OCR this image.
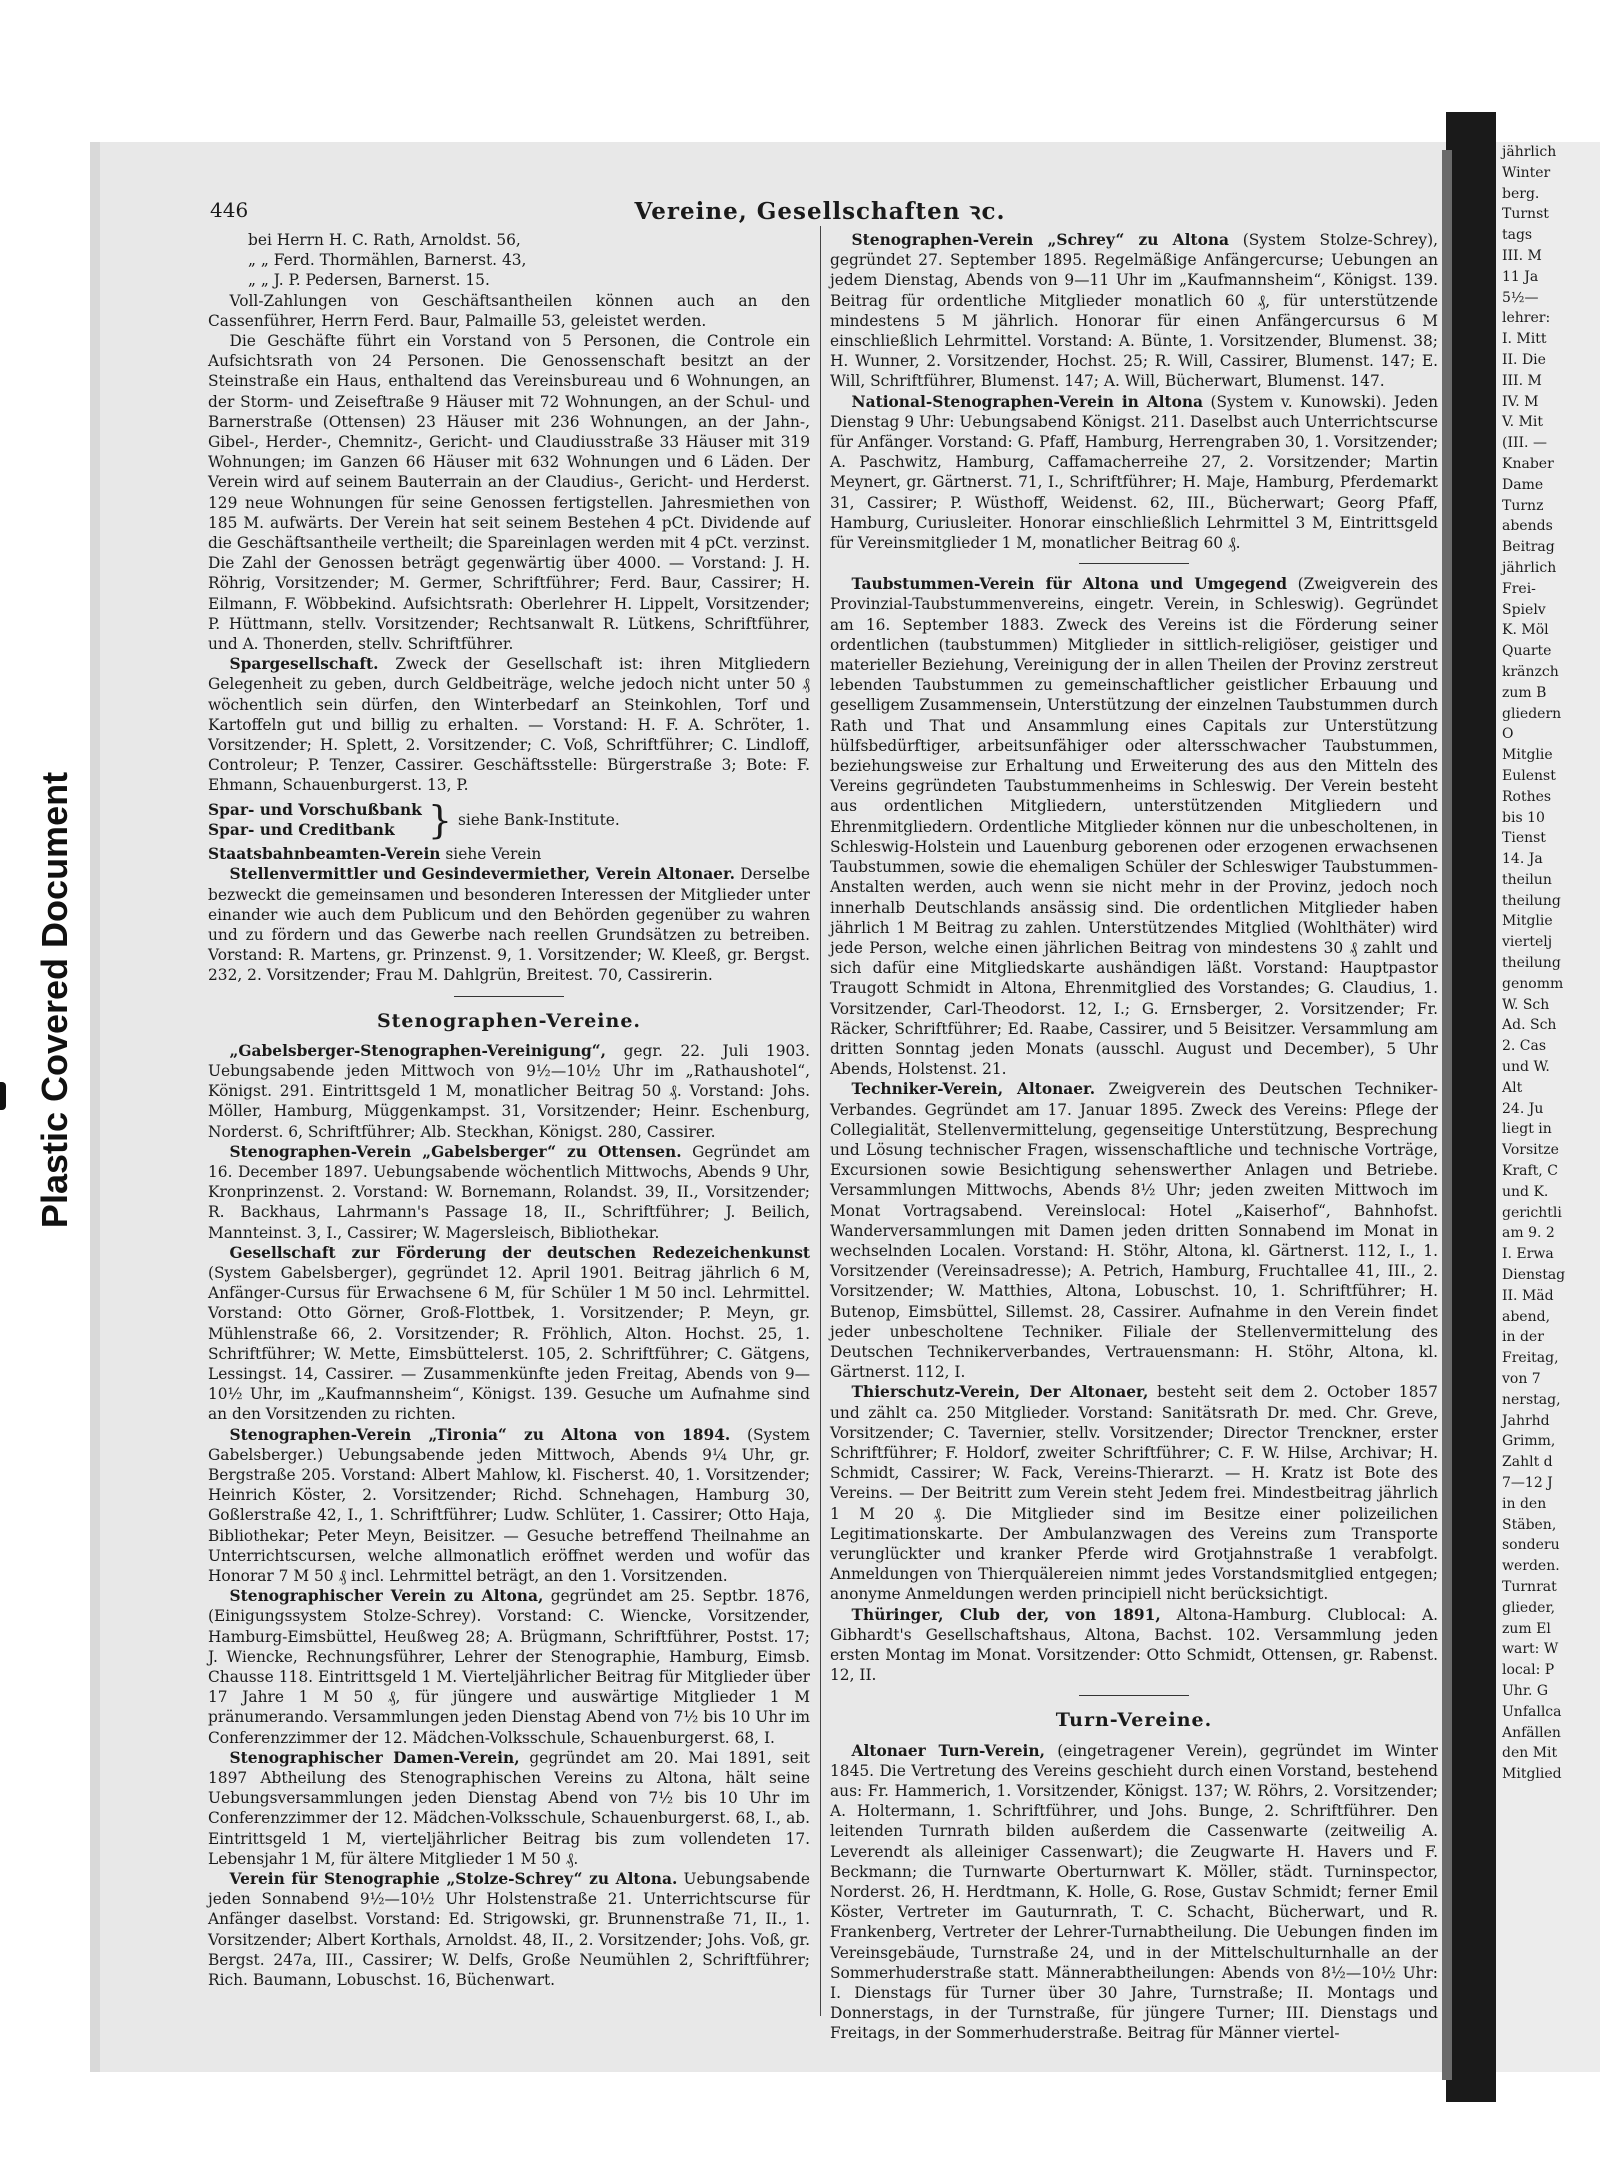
Plastic Covered Document
jährlich
Winter
berg.
Turnst
tags
III. M
11 Ja
5½—
lehrer:
I. Mitt
II. Die
III. M
IV. M
V. Mit
(III. —
Knaber
Dame
Turnz
abends
Beitrag
jährlich
Frei-
Spielv
K. Möl
Quarte
kränzch
zum B
gliedern
O
Mitglie
Eulenst
Rothes
bis 10
Tienst
14. Ja
theilun
theilung
Mitglie
viertelj
theilung
genomm
W. Sch
Ad. Sch
2. Cas
und W.
Alt
24. Ju
liegt in
Vorsitze
Kraft, C
und K.
gerichtli
am 9. 2
I. Erwa
Dienstag
II. Mäd
abend,
in der
Freitag,
von 7
nerstag,
Jahrhd
Grimm,
Zahlt d
7—12 J
in den
Stäben,
sonderu
werden.
Turnrat
glieder,
zum El
wart: W
local: P
Uhr. G
Unfallca
Anfällen
den Mit
Mitglied
446	Vereine, Gesellschaften ꝛc.

bei Herrn H. C. Rath, Arnoldst. 56,

„ „ Ferd. Thormählen, Barnerst. 43,

„ „ J. P. Pedersen, Barnerst. 15.

Voll-Zahlungen von Geschäftsantheilen können auch an den Cassenführer, Herrn Ferd. Baur, Palmaille 53, geleistet werden.

Die Geschäfte führt ein Vorstand von 5 Personen, die Controle ein Aufsichtsrath von 24 Personen. Die Genossenschaft besitzt an der Steinstraße ein Haus, enthaltend das Vereinsbureau und 6 Wohnungen, an der Storm- und Zeiseftraße 9 Häuser mit 72 Wohnungen, an der Schul- und Barnerstraße (Ottensen) 23 Häuser mit 236 Wohnungen, an der Jahn-, Gibel-, Herder-, Chemnitz-, Gericht- und Claudiusstraße 33 Häuser mit 319 Wohnungen; im Ganzen 66 Häuser mit 632 Wohnungen und 6 Läden. Der Verein wird auf seinem Bauterrain an der Claudius-, Gericht- und Herderst. 129 neue Wohnungen für seine Genossen fertigstellen. Jahresmiethen von 185 M. aufwärts. Der Verein hat seit seinem Bestehen 4 pCt. Dividende auf die Geschäftsantheile vertheilt; die Spareinlagen werden mit 4 pCt. verzinst. Die Zahl der Genossen beträgt gegenwärtig über 4000. — Vorstand: J. H. Röhrig, Vorsitzender; M. Germer, Schriftführer; Ferd. Baur, Cassirer; H. Eilmann, F. Wöbbekind. Aufsichtsrath: Oberlehrer H. Lippelt, Vorsitzender; P. Hüttmann, stellv. Vorsitzender; Rechtsanwalt R. Lütkens, Schriftführer, und A. Thonerden, stellv. Schriftführer.

Spargesellschaft. Zweck der Gesellschaft ist: ihren Mitgliedern Gelegenheit zu geben, durch Geldbeiträge, welche jedoch nicht unter 50 ₰ wöchentlich sein dürfen, den Winterbedarf an Steinkohlen, Torf und Kartoffeln gut und billig zu erhalten. — Vorstand: H. F. A. Schröter, 1. Vorsitzender; H. Splett, 2. Vorsitzender; C. Voß, Schriftführer; C. Lindloff, Controleur; P. Tenzer, Cassirer. Geschäftsstelle: Bürgerstraße 3; Bote: F. Ehmann, Schauenburgerst. 13, P.

Spar- und Vorschußbank
Spar- und Creditbank } siehe Bank-Institute.

Staatsbahnbeamten-Verein siehe Verein

Stellenvermittler und Gesindevermiether, Verein Altonaer. Derselbe bezweckt die gemeinsamen und besonderen Interessen der Mitglieder unter einander wie auch dem Publicum und den Behörden gegenüber zu wahren und zu fördern und das Gewerbe nach reellen Grundsätzen zu betreiben. Vorstand: R. Martens, gr. Prinzenst. 9, 1. Vorsitzender; W. Kleeß, gr. Bergst. 232, 2. Vorsitzender; Frau M. Dahlgrün, Breitest. 70, Cassirerin.

Stenographen-Vereine.

„Gabelsberger-Stenographen-Vereinigung“, gegr. 22. Juli 1903. Uebungsabende jeden Mittwoch von 9½—10½ Uhr im „Rathaushotel“, Königst. 291. Eintrittsgeld 1 M, monatlicher Beitrag 50 ₰. Vorstand: Johs. Möller, Hamburg, Müggenkampst. 31, Vorsitzender; Heinr. Eschenburg, Norderst. 6, Schriftführer; Alb. Steckhan, Königst. 280, Cassirer.

Stenographen-Verein „Gabelsberger“ zu Ottensen. Gegründet am 16. December 1897. Uebungsabende wöchentlich Mittwochs, Abends 9 Uhr, Kronprinzenst. 2. Vorstand: W. Bornemann, Rolandst. 39, II., Vorsitzender; R. Backhaus, Lahrmann's Passage 18, II., Schriftführer; J. Beilich, Mannteinst. 3, I., Cassirer; W. Magersleisch, Bibliothekar.

Gesellschaft zur Förderung der deutschen Redezeichenkunst (System Gabelsberger), gegründet 12. April 1901. Beitrag jährlich 6 M, Anfänger-Cursus für Erwachsene 6 M, für Schüler 1 M 50 incl. Lehrmittel. Vorstand: Otto Görner, Groß-Flottbek, 1. Vorsitzender; P. Meyn, gr. Mühlenstraße 66, 2. Vorsitzender; R. Fröhlich, Alton. Hochst. 25, 1. Schriftführer; W. Mette, Eimsbüttelerst. 105, 2. Schriftführer; C. Gätgens, Lessingst. 14, Cassirer. — Zusammenkünfte jeden Freitag, Abends von 9—10½ Uhr, im „Kaufmannsheim“, Königst. 139. Gesuche um Aufnahme sind an den Vorsitzenden zu richten.

Stenographen-Verein „Tironia“ zu Altona von 1894. (System Gabelsberger.) Uebungsabende jeden Mittwoch, Abends 9¼ Uhr, gr. Bergstraße 205. Vorstand: Albert Mahlow, kl. Fischerst. 40, 1. Vorsitzender; Heinrich Köster, 2. Vorsitzender; Richd. Schnehagen, Hamburg 30, Goßlerstraße 42, I., 1. Schriftführer; Ludw. Schlüter, 1. Cassirer; Otto Haja, Bibliothekar; Peter Meyn, Beisitzer. — Gesuche betreffend Theilnahme an Unterrichtscursen, welche allmonatlich eröffnet werden und wofür das Honorar 7 M 50 ₰ incl. Lehrmittel beträgt, an den 1. Vorsitzenden.

Stenographischer Verein zu Altona, gegründet am 25. Septbr. 1876, (Einigungssystem Stolze-Schrey). Vorstand: C. Wiencke, Vorsitzender, Hamburg-Eimsbüttel, Heußweg 28; A. Brügmann, Schriftführer, Postst. 17; J. Wiencke, Rechnungsführer, Lehrer der Stenographie, Hamburg, Eimsb. Chausse 118. Eintrittsgeld 1 M. Vierteljährlicher Beitrag für Mitglieder über 17 Jahre 1 M 50 ₰, für jüngere und auswärtige Mitglieder 1 M pränumerando. Versammlungen jeden Dienstag Abend von 7½ bis 10 Uhr im Conferenzzimmer der 12. Mädchen-Volksschule, Schauenburgerst. 68, I.

Stenographischer Damen-Verein, gegründet am 20. Mai 1891, seit 1897 Abtheilung des Stenographischen Vereins zu Altona, hält seine Uebungsversammlungen jeden Dienstag Abend von 7½ bis 10 Uhr im Conferenzzimmer der 12. Mädchen-Volksschule, Schauenburgerst. 68, I., ab. Eintrittsgeld 1 M, vierteljährlicher Beitrag bis zum vollendeten 17. Lebensjahr 1 M, für ältere Mitglieder 1 M 50 ₰.

Verein für Stenographie „Stolze-Schrey“ zu Altona. Uebungsabende jeden Sonnabend 9½—10½ Uhr Holstenstraße 21. Unterrichtscurse für Anfänger daselbst. Vorstand: Ed. Strigowski, gr. Brunnenstraße 71, II., 1. Vorsitzender; Albert Korthals, Arnoldst. 48, II., 2. Vorsitzender; Johs. Voß, gr. Bergst. 247a, III., Cassirer; W. Delfs, Große Neumühlen 2, Schriftführer; Rich. Baumann, Lobuschst. 16, Büchenwart.

Stenographen-Verein „Schrey“ zu Altona (System Stolze-Schrey), gegründet 27. September 1895. Regelmäßige Anfängercurse; Uebungen an jedem Dienstag, Abends von 9—11 Uhr im „Kaufmannsheim“, Königst. 139. Beitrag für ordentliche Mitglieder monatlich 60 ₰, für unterstützende mindestens 5 M jährlich. Honorar für einen Anfängercursus 6 M einschließlich Lehrmittel. Vorstand: A. Bünte, 1. Vorsitzender, Blumenst. 38; H. Wunner, 2. Vorsitzender, Hochst. 25; R. Will, Cassirer, Blumenst. 147; E. Will, Schriftführer, Blumenst. 147; A. Will, Bücherwart, Blumenst. 147.

National-Stenographen-Verein in Altona (System v. Kunowski). Jeden Dienstag 9 Uhr: Uebungsabend Königst. 211. Daselbst auch Unterrichtscurse für Anfänger. Vorstand: G. Pfaff, Hamburg, Herrengraben 30, 1. Vorsitzender; A. Paschwitz, Hamburg, Caffamacherreihe 27, 2. Vorsitzender; Martin Meynert, gr. Gärtnerst. 71, I., Schriftführer; H. Maje, Hamburg, Pferdemarkt 31, Cassirer; P. Wüsthoff, Weidenst. 62, III., Bücherwart; Georg Pfaff, Hamburg, Curiusleiter. Honorar einschließlich Lehrmittel 3 M, Eintrittsgeld für Vereinsmitglieder 1 M, monatlicher Beitrag 60 ₰.

Taubstummen-Verein für Altona und Umgegend (Zweigverein des Provinzial-Taubstummenvereins, eingetr. Verein, in Schleswig). Gegründet am 16. September 1883. Zweck des Vereins ist die Förderung seiner ordentlichen (taubstummen) Mitglieder in sittlich-religiöser, geistiger und materieller Beziehung, Vereinigung der in allen Theilen der Provinz zerstreut lebenden Taubstummen zu gemeinschaftlicher geistlicher Erbauung und geselligem Zusammensein, Unterstützung der einzelnen Taubstummen durch Rath und That und Ansammlung eines Capitals zur Unterstützung hülfsbedürftiger, arbeitsunfähiger oder altersschwacher Taubstummen, beziehungsweise zur Erhaltung und Erweiterung des aus den Mitteln des Vereins gegründeten Taubstummenheims in Schleswig. Der Verein besteht aus ordentlichen Mitgliedern, unterstützenden Mitgliedern und Ehrenmitgliedern. Ordentliche Mitglieder können nur die unbescholtenen, in Schleswig-Holstein und Lauenburg geborenen oder erzogenen erwachsenen Taubstummen, sowie die ehemaligen Schüler der Schleswiger Taubstummen-Anstalten werden, auch wenn sie nicht mehr in der Provinz, jedoch noch innerhalb Deutschlands ansässig sind. Die ordentlichen Mitglieder haben jährlich 1 M Beitrag zu zahlen. Unterstützendes Mitglied (Wohlthäter) wird jede Person, welche einen jährlichen Beitrag von mindestens 30 ₰ zahlt und sich dafür eine Mitgliedskarte aushändigen läßt. Vorstand: Hauptpastor Traugott Schmidt in Altona, Ehrenmitglied des Vorstandes; G. Claudius, 1. Vorsitzender, Carl-Theodorst. 12, I.; G. Ernsberger, 2. Vorsitzender; Fr. Räcker, Schriftführer; Ed. Raabe, Cassirer, und 5 Beisitzer. Versammlung am dritten Sonntag jeden Monats (ausschl. August und December), 5 Uhr Abends, Holstenst. 21.

Techniker-Verein, Altonaer. Zweigverein des Deutschen Techniker-Verbandes. Gegründet am 17. Januar 1895. Zweck des Vereins: Pflege der Collegialität, Stellenvermittelung, gegenseitige Unterstützung, Besprechung und Lösung technischer Fragen, wissenschaftliche und technische Vorträge, Excursionen sowie Besichtigung sehenswerther Anlagen und Betriebe. Versammlungen Mittwochs, Abends 8½ Uhr; jeden zweiten Mittwoch im Monat Vortragsabend. Vereinslocal: Hotel „Kaiserhof“, Bahnhofst. Wanderversammlungen mit Damen jeden dritten Sonnabend im Monat in wechselnden Localen. Vorstand: H. Stöhr, Altona, kl. Gärtnerst. 112, I., 1. Vorsitzender (Vereinsadresse); A. Petrich, Hamburg, Fruchtallee 41, III., 2. Vorsitzender; W. Matthies, Altona, Lobuschst. 10, 1. Schriftführer; H. Butenop, Eimsbüttel, Sillemst. 28, Cassirer. Aufnahme in den Verein findet jeder unbescholtene Techniker. Filiale der Stellenvermittelung des Deutschen Technikerverbandes, Vertrauensmann: H. Stöhr, Altona, kl. Gärtnerst. 112, I.

Thierschutz-Verein, Der Altonaer, besteht seit dem 2. October 1857 und zählt ca. 250 Mitglieder. Vorstand: Sanitätsrath Dr. med. Chr. Greve, Vorsitzender; C. Tavernier, stellv. Vorsitzender; Director Trenckner, erster Schriftführer; F. Holdorf, zweiter Schriftführer; C. F. W. Hilse, Archivar; H. Schmidt, Cassirer; W. Fack, Vereins-Thierarzt. — H. Kratz ist Bote des Vereins. — Der Beitritt zum Verein steht Jedem frei. Mindestbeitrag jährlich 1 M 20 ₰. Die Mitglieder sind im Besitze einer polizeilichen Legitimationskarte. Der Ambulanzwagen des Vereins zum Transporte verunglückter und kranker Pferde wird Grotjahnstraße 1 verabfolgt. Anmeldungen von Thierquälereien nimmt jedes Vorstandsmitglied entgegen; anonyme Anmeldungen werden principiell nicht berücksichtigt.

Thüringer, Club der, von 1891, Altona-Hamburg. Clublocal: A. Gibhardt's Gesellschaftshaus, Altona, Bachst. 102. Versammlung jeden ersten Montag im Monat. Vorsitzender: Otto Schmidt, Ottensen, gr. Rabenst. 12, II.

Turn-Vereine.

Altonaer Turn-Verein, (eingetragener Verein), gegründet im Winter 1845. Die Vertretung des Vereins geschieht durch einen Vorstand, bestehend aus: Fr. Hammerich, 1. Vorsitzender, Königst. 137; W. Röhrs, 2. Vorsitzender; A. Holtermann, 1. Schriftführer, und Johs. Bunge, 2. Schriftführer. Den leitenden Turnrath bilden außerdem die Cassenwarte (zeitweilig A. Leverendt als alleiniger Cassenwart); die Zeugwarte H. Havers und F. Beckmann; die Turnwarte Oberturnwart K. Möller, städt. Turninspector, Norderst. 26, H. Herdtmann, K. Holle, G. Rose, Gustav Schmidt; ferner Emil Köster, Vertreter im Gauturnrath, T. C. Schacht, Bücherwart, und R. Frankenberg, Vertreter der Lehrer-Turnabtheilung. Die Uebungen finden im Vereinsgebäude, Turnstraße 24, und in der Mittelschulturnhalle an der Sommerhuderstraße statt. Männerabtheilungen: Abends von 8½—10½ Uhr: I. Dienstags für Turner über 30 Jahre, Turnstraße; II. Montags und Donnerstags, in der Turnstraße, für jüngere Turner; III. Dienstags und Freitags, in der Sommerhuderstraße. Beitrag für Männer viertel-
